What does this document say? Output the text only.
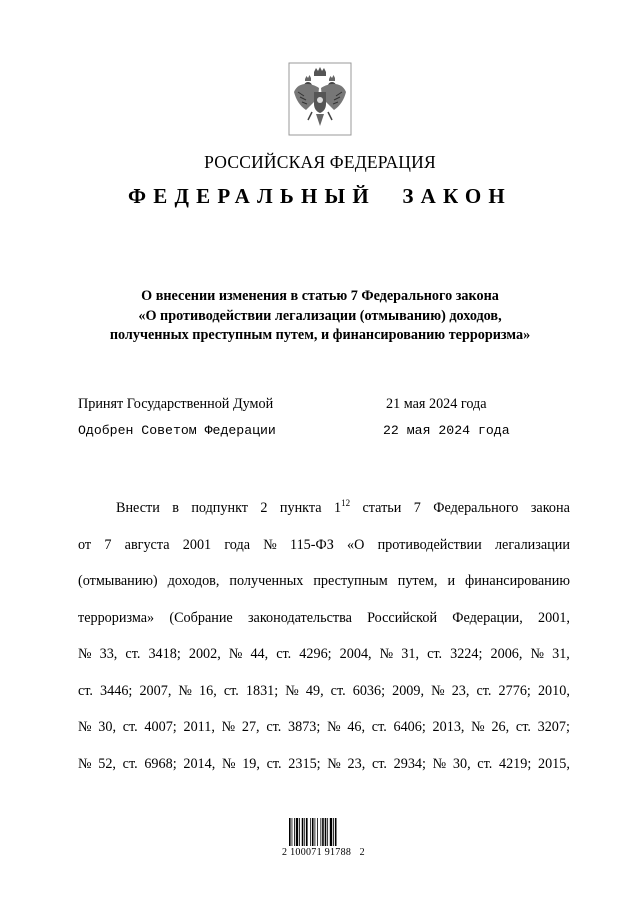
РОССИЙСКАЯ ФЕДЕРАЦИЯ
ФЕДЕРАЛЬНЫЙ ЗАКОН
О внесении изменения в статью 7 Федерального закона
«О противодействии легализации (отмыванию) доходов,
полученных преступным путем, и финансированию терроризма»
Принят Государственной Думой	21 мая 2024 года
Одобрен Советом Федерации	22 мая 2024 года
Внести в подпункт 2 пункта $1^{12}$ статьи 7 Федерального закона
от 7 августа 2001 года № 115-ФЗ «О противодействии легализации
(отмыванию) доходов, полученных преступным путем, и финансированию
терроризма» (Собрание законодательства Российской Федерации, 2001,
№ 33, ст. 3418; 2002, № 44, ст. 4296; 2004, № 31, ст. 3224; 2006, № 31,
ст. 3446; 2007, № 16, ст. 1831; № 49, ст. 6036; 2009, № 23, ст. 2776; 2010,
№ 30, ст. 4007; 2011, № 27, ст. 3873; № 46, ст. 6406; 2013, № 26, ст. 3207;
№ 52, ст. 6968; 2014, № 19, ст. 2315; № 23, ст. 2934; № 30, ст. 4219; 2015,
2 100071 91788   2
